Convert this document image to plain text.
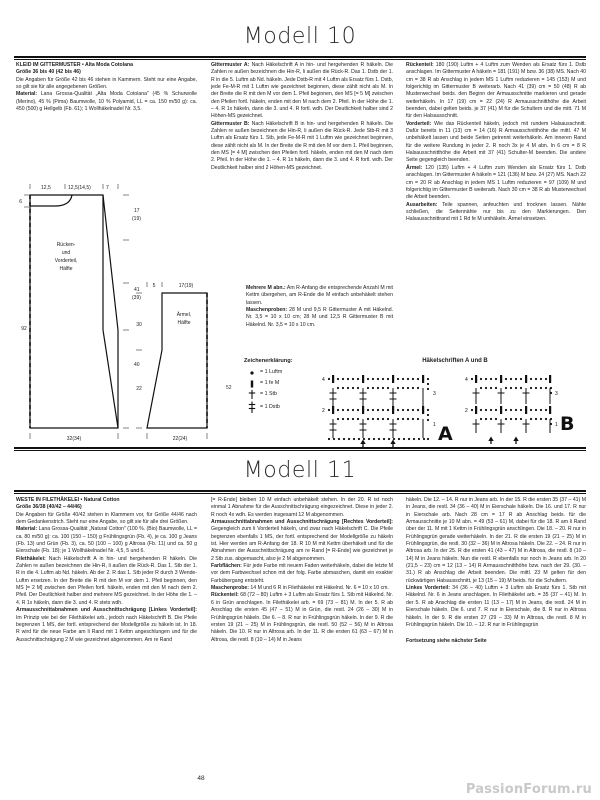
Modell 10

KLEID IM GITTERMUSTER • Alta Moda Cotolana

Größe 36 bis 40 (42 bis 46)

Die Angaben für Größe 42 bis 46 stehen in Kammern. Steht nur eine Angabe, so gilt sie für alle angegebenen Größen.

Material: Lana Grossa-Qualität „Alta Moda Cotolana" (45 % Schurwolle (Merino), 45 % (Pima) Baumwolle, 10 % Polyamid, LL = ca. 150 m/50 g): ca. 450 (500) g Hellgelb (Fb. 61); 1 Wollhäkelnadel Nr. 3,5.

12,5	12,5(14,5)	7
6
Rücken-
und
Vorderteil,
Hälfte
92
17
(19)
41
(39)
40
32(34)
5	17(19)
Ärmel,
Hälfte
30
22
22(24)
52

Gittermuster A: Nach Häkelschrift A in hin- und hergehenden R häkeln. Die Zahlen re außen bezeichnen die Hin-R, li außen die Rück-R. Das 1. Dstb der 1. R in die 5. Luftm ab Nd. häkeln. Jede Dstb-R mit 4 Luftm als Ersatz fürs 1. Dstb, jede Fe-M-R mit 1 Luftm wie gezeichnet beginnen, diese zählt nicht als M. In der Breite die R mit den M vor dem 1. Pfeil beginnen, den MS [= 5 M] zwischen den Pfeilen fortl. häkeln, enden mit den M nach dem 2. Pfeil. In der Höhe die 1. – 4. R 1x häkeln, dann die 3. und 4. R fortl. wdh. Der Deutlichkeit halber sind 2 Höhen-MS gezeichnet.

Gittermuster B: Nach Häkelschrift B in hin- und hergehenden R häkeln. Die Zahlen re außen bezeichnen die Hin-R, li außen die Rück-R. Jede Stb-R mit 3 Luftm als Ersatz fürs 1. Stb, jede Fe-M-R mit 1 Luftm wie gezeichnet beginnen, diese zählt nicht als M. In der Breite die R mit den M vor dem 1. Pfeil beginnen, den MS [= 4 M] zwischen den Pfeilen fortl. häkeln, enden mit den M nach dem 2. Pfeil. In der Höhe die 1. – 4. R 1x häkeln, dann die 3. und 4. R fortl. wdh. Der Deutlichkeit halber sind 2 Höhen-MS gezeichnet.

Mehrere M abn.: Am R-Anfang die entsprechende Anzahl M mit Kettm übergehen, am R-Ende die M einfach unbehäkelt stehen lassen.

Maschenproben: 28 M und 9,5 R Gittermuster A mit Häkelnd. Nr. 3,5 = 10 x 10 cm; 28 M und 12,5 R Gittermuster B mit Häkelnd. Nr. 3,5 = 10 x 10 cm.

Rückenteil: 180 (190) Luftm + 4 Luftm zum Wenden als Ersatz fürs 1. Dstb anschlagen. Im Gittermuster A häkeln = 181 (191) M bzw. 36 (38) MS. Nach 40 cm = 38 R ab Anschlag in jedem MS 1 Luftm reduzieren = 145 (153) M und folgerichtig im Gittermuster B weiterarb. Nach 41 (39) cm = 50 (48) R ab Musterwechsel beids. den Beginn der Armausschnitte markieren und gerade weiterhäkeln. In 17 (19) cm = 22 (24) R Armausschnitthöhe die Arbeit beenden, dabei gelten beids. je 37 (41) M für die Schultern und die mitt. 71 M für den Halsausschnitt.

Vorderteil: Wie das Rückenteil häkeln, jedoch mit rundem Halsausschnitt. Dafür bereits in 11 (13) cm = 14 (16) R Armausschnitthöhe die mittl. 47 M unbehäkelt lassen und beide Seiten getrennt weiterhäkeln. Am inneren Rand für die weitere Rundung in jeder 2. R noch 3x je 4 M abn. In 6 cm = 8 R Halsausschnitthöhe die Arbeit mit 37 (41) Schulter-M beenden. Die andere Seite gegengleich beenden.

Ärmel: 120 (135) Luftm + 4 Luftm zum Wenden als Ersatz fürs 1. Dstb anschlagen. Im Gittermuster A häkeln = 121 (136) M bzw. 24 (27) MS. Nach 22 cm = 20 R ab Anschlag in jedem MS 1 Luftm reduzieren = 97 (109) M und folgerichtig im Gittermuster B weiterarb. Nach 30 cm = 38 R ab Musterwechsel die Arbeit beenden.

Ausarbeiten: Teile spannen, anfeuchten und trocknen lassen. Nähte schließen, die Seitennähte nur bis zu den Markierungen. Den Halsausschnittrand mit 1 Rd fe M umhäkeln. Ärmel einsetzen.

Zeichenerklärung:
= 1 Luftm
= 1 fe M
= 1 Stb
= 1 Dstb
Häkelschriften A und B
4
2
3
1 A
4
2
3
1 B
Modell 11

WESTE IN FILETHÄKELEI • Natural Cotton

Größe 36/38 (40/42 – 44/46)

Die Angaben für Größe 40/42 stehen in Klammern vor, für Größe 44/46 nach dem Gedankenstrich. Steht nur eine Angabe, so gilt sie für alle drei Größen.

Material: Lana Grossa-Qualität „Natural Cotton" (100 %. (Bio) Baumwolle, LL = ca. 80 m/50 g): ca. 100 (150 – 150) g Frühlingsgrün (Fb. 4), je ca. 100 g Jeans (Fb. 13) und Grün (Fb. 3), ca. 50 (100 – 100) g Altrosa (Fb. 11) und ca. 50 g Eierschale (Fb. 18); je 1 Wollhäkelnadel Nr. 4,5, 5 und 6.

Filethäkelei: Nach Häkelschrift A in hin- und hergehenden R häkeln. Die Zahlen re außen bezeichnen die Hin-R, li außen die Rück-R. Das 1. Stb der 1. R in die 4. Luftm ab Nd. häkeln. Ab der 2. R das 1. Stb jeder R durch 3 Wende-Luftm ersetzen. In der Breite die R mit den M vor dem 1. Pfeil beginnen, den MS [= 2 M] zwischen den Pfeilen fortl. häkeln, enden mit den M nach dem 2. Pfeil. Der Deutlichkeit halber sind mehrere MS gezeichnet. In der Höhe die 1. – 4. R 1x häkeln, dann die 3. und 4. R stets wdh.

Armausschnittabnahmen und Ausschnittschrägung [Linkes Vorderteil]: Im Prinzip wie bei der Filethäkelei arb., jedoch nach Häkelschrift B. Die Pfeile begrenzen 1 MS, der fortl. entsprechend der Modellgröße zu häkeln ist. In 18. R wird für die neue Farbe am li Rand mit 1 Kettm angeschlungen und für die Ausschnittschrägung 2 M wie gezeichnet abgenommen. Am re Rand

[= R-Ende] bleiben 10 M einfach unbehäkelt stehen. In der 20. R ist noch einmal 1 Abnahme für die Ausschnittschrägung eingezeichnet. Diese in jeder 2. R noch 4x wdh. Es werden insgesamt 12 M abgenommen.

Armausschnittabnahmen und Ausschnittschrägung [Rechtes Vorderteil]: Gegengleich zum li Vorderteil häkeln, und zwar nach Häkelschrift C. Die Pfeile begrenzen ebenfalls 1 MS, der fortl. entsprechend der Modellgröße zu häkeln ist. Hier werden am R-Anfang der 18. R 10 M mit Kettm überhäkelt und für die Abnahmen der Ausschnittschrägung am re Rand [= R-Ende] wie gezeichnet je 2 Stb zus. abgemascht, also je 2 M abgenommen.

Farbflächen: Für jede Farbe mit neuem Faden weiterhäkeln, dabei die letzte M vor dem Farbwechsel schon mit der folg. Farbe abmaschen, damit ein exakter Farbübergang entsteht.

Maschenprobe: 14 M und 6 R in Filethäkelei mit Häkelnd. Nr. 6 = 10 x 10 cm.

Rückenteil: 68 (72 – 80) Luftm + 3 Luftm als Ersatz fürs 1. Stb mit Häkelnd. Nr. 6 in Grün anschlagen. In Filethäkelei arb. = 69 (73 – 81) M. In der 5. R ab Anschlag die ersten 45 (47 – 51) M in Grün, die restl. 24 (26 – 30) M in Frühlingsgrün häkeln. Die 6. – 8. R nur in Frühlingsgrün häkeln. In der 9. R die ersten 19 (21 – 25) M in Frühlingsgrün, die restl. 50 (52 – 56) M in Altrosa häkeln. Die 10. R nur in Altrosa arb. In der 11. R die ersten 61 (63 – 67) M in Altrosa, die restl. 8 (10 – 14) M in Jeans

häkeln. Die 12. – 14. R nur in Jeans arb. In der 15. R die ersten 35 (37 – 41) M in Jeans, die restl. 34 (36 – 40) M in Eierschale häkeln. Die 16. und 17. R nur in Eierschale arb. Nach 28 cm = 17 R ab Anschlag beids. für die Armausschnitte je 10 M abn. = 49 (53 – 61) M, dabei für die 18. R am li Rand über der 11. M mit 1 Kettm in Frühlingsgrün anschlingen. Die 18. – 20. R nur in Frühlingsgrün gerade weiterhäkeln. In der 21. R die ersten 19 (21 – 25) M in Frühlingsgrün, die restl. 30 (32 – 36) M in Altrosa häkeln. Die 22. – 24. R nur in Altrosa arb. In der 25. R die ersten 41 (43 – 47) M in Altrosa, die restl. 8 (10 – 14) M in Jeans häkeln. Nun die restl. R ebenfalls nur noch in Jeans arb. In 20 (21,5 – 23) cm = 12 (13 – 14) R Armausschnitthöhe bzw. nach der 29. (30. – 31.) R ab Anschlag die Arbeit beenden. Die mittl. 23 M gelten für den rückwärtigen Halsausschnitt, je 13 (15 – 19) M beids. für die Schultern.

Linkes Vorderteil: 34 (36 – 40) Luftm + 3 Luftm als Ersatz fürs 1. Stb mit Häkelnd. Nr. 6 in Jeans anschlagen. In Filethäkelei arb. = 35 (37 – 41) M. In der 5. R ab Anschlag die ersten 11 (13 – 17) M in Jeans, die restl. 24 M in Eierschale häkeln. Die 6. und 7. R nur in Eierschale, die 8. R nur in Altrosa häkeln. In der 9. R die ersten 27 (29 – 33) M in Altrosa, die restl. 8 M in Frühlingsgrün häkeln. Die 10. – 12. R nur in Frühlingsgrün

Fortsetzung siehe nächster Seite

48
PassionForum.ru
